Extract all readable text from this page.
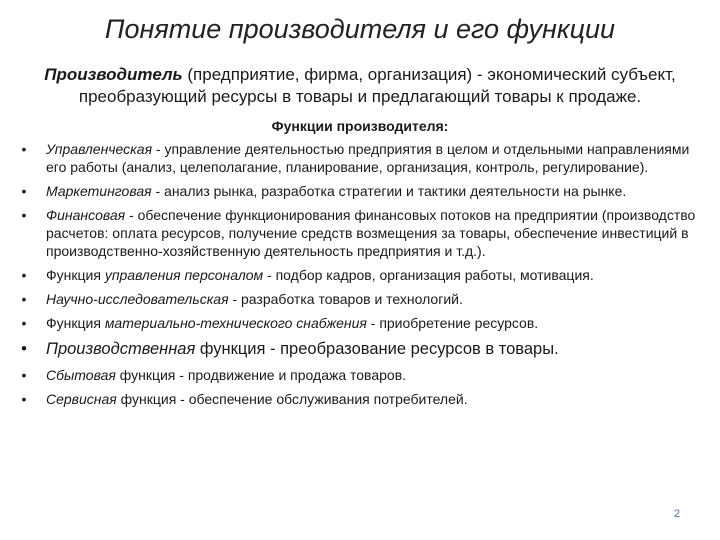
Понятие производителя и его функции
Производитель (предприятие, фирма, организация) - экономический субъект, преобразующий ресурсы в товары и предлагающий товары к продаже.
Функции производителя:
• Управленческая - управление деятельностью предприятия в целом и отдельными направлениями его работы (анализ, целеполагание, планирование, организация, контроль, регулирование).
• Маркетинговая - анализ рынка, разработка стратегии и тактики деятельности на рынке.
• Финансовая - обеспечение функционирования финансовых потоков на предприятии (производство расчетов: оплата ресурсов, получение средств возмещения за товары, обеспечение инвестиций в производственно-хозяйственную деятельность предприятия и т.д.).
• Функция управления персоналом - подбор кадров, организация работы, мотивация.
• Научно-исследовательская - разработка товаров и технологий.
• Функция материально-технического снабжения - приобретение ресурсов.
• Производственная функция - преобразование ресурсов в товары.
• Сбытовая функция - продвижение и продажа товаров.
• Сервисная функция - обеспечение обслуживания потребителей.
2
